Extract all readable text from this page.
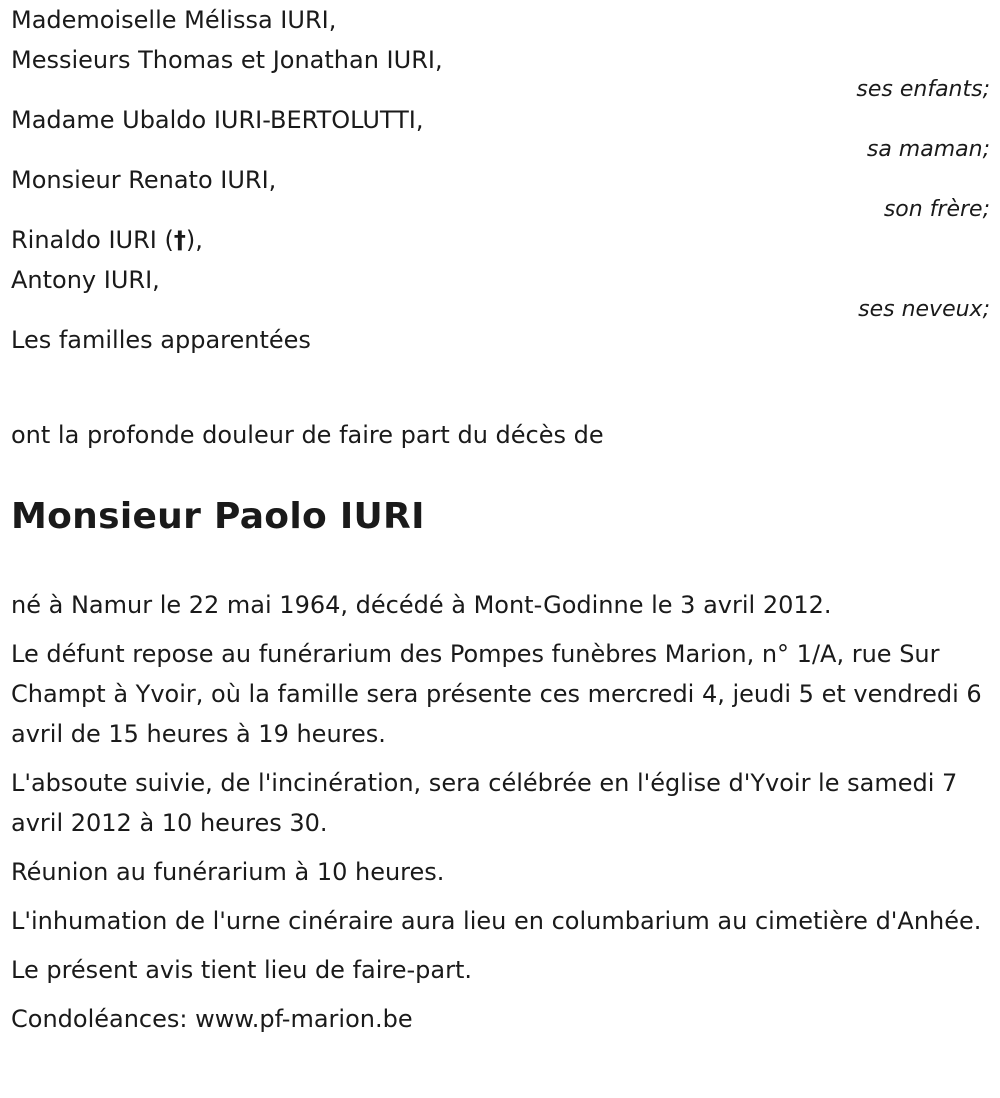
Mademoiselle Mélissa IURI,

Messieurs Thomas et Jonathan IURI,

ses enfants;

Madame Ubaldo IURI-BERTOLUTTI,

sa maman;

Monsieur Renato IURI,

son frère;

Rinaldo IURI (†),

Antony IURI,

ses neveux;

Les familles apparentées

ont la profonde douleur de faire part du décès de

Monsieur Paolo IURI

né à Namur le 22 mai 1964, décédé à Mont-Godinne le 3 avril 2012.

Le défunt repose au funérarium des Pompes funèbres Marion, n° 1/A, rue Sur Champt à Yvoir, où la famille sera présente ces mercredi 4, jeudi 5 et vendredi 6 avril de 15 heures à 19 heures.

L'absoute suivie, de l'incinération, sera célébrée en l'église d'Yvoir le samedi 7 avril 2012 à 10 heures 30.

Réunion au funérarium à 10 heures.

L'inhumation de l'urne cinéraire aura lieu en columbarium au cimetière d'Anhée.

Le présent avis tient lieu de faire-part.

Condoléances: www.pf-marion.be
